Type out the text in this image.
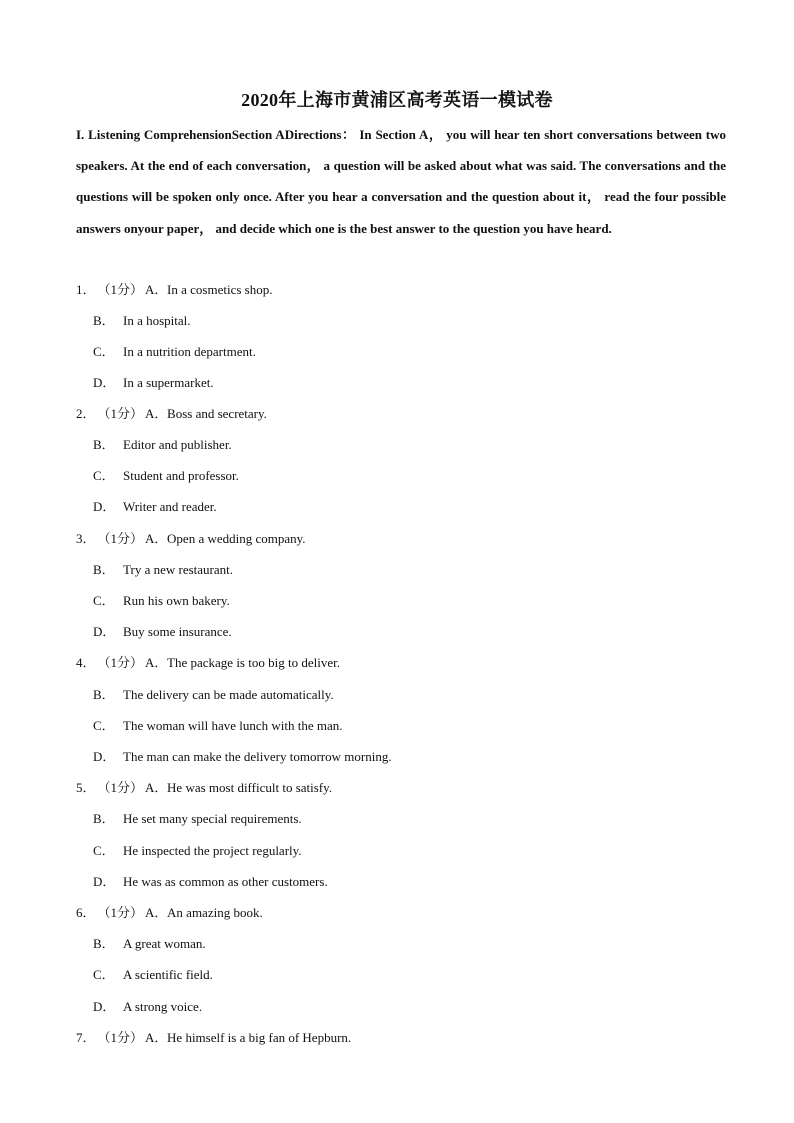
2020年上海市黄浦区高考英语一模试卷
I. Listening ComprehensionSection ADirections： In Section A， you will hear ten short conversations between two speakers. At the end of each conversation， a question will be asked about what was said. The conversations and the questions will be spoken only once. After you hear a conversation and the question about it， read the four possible answers onyour paper， and decide which one is the best answer to the question you have heard.
1． （1分） A．In a cosmetics shop.
B． In a hospital.
C． In a nutrition department.
D． In a supermarket.
2． （1分） A．Boss and secretary.
B． Editor and publisher.
C． Student and professor.
D． Writer and reader.
3． （1分） A．Open a wedding company.
B． Try a new restaurant.
C． Run his own bakery.
D． Buy some insurance.
4． （1分） A．The package is too big to deliver.
B． The delivery can be made automatically.
C． The woman will have lunch with the man.
D． The man can make the delivery tomorrow morning.
5． （1分） A．He was most difficult to satisfy.
B． He set many special requirements.
C． He inspected the project regularly.
D． He was as common as other customers.
6． （1分） A．An amazing book.
B． A great woman.
C． A scientific field.
D． A strong voice.
7． （1分） A．He himself is a big fan of Hepburn.
